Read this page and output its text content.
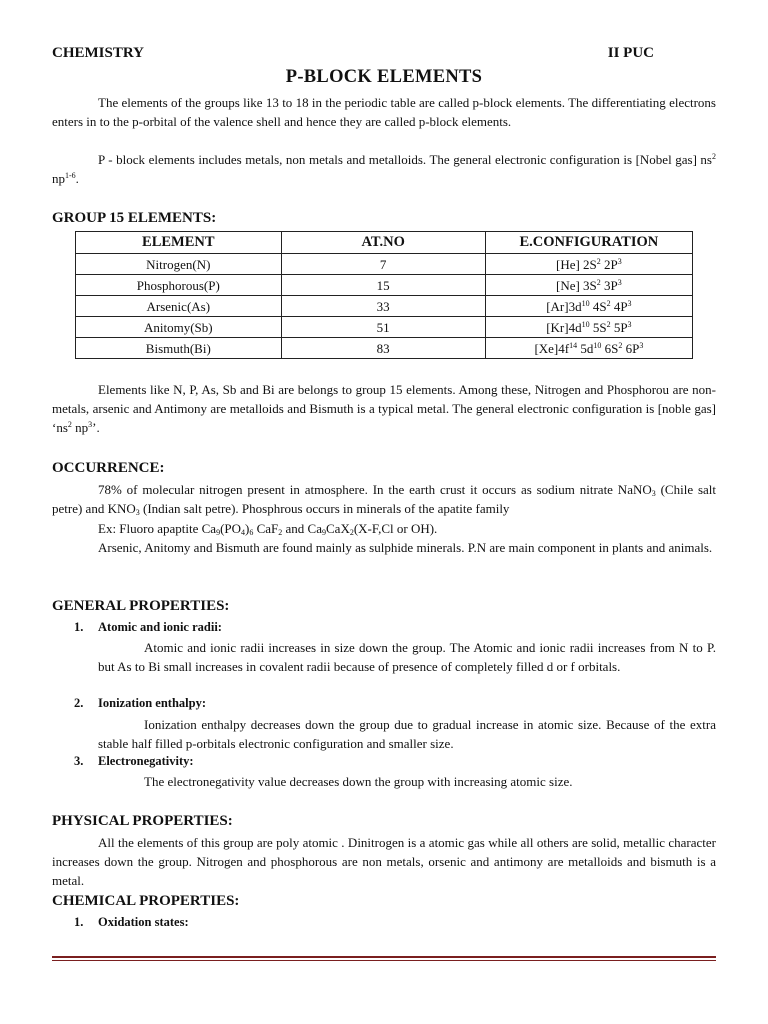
CHEMISTRY	II PUC
P-BLOCK ELEMENTS
The elements of the groups like 13 to 18 in the periodic table are called p-block elements. The differentiating electrons enters in to the p-orbital of the valence shell and hence they are called p-block elements.
P - block elements includes metals, non metals and metalloids. The general electronic configuration is [Nobel gas] $ns^2$ $np^{1-6}$.
GROUP 15 ELEMENTS:
ELEMENT	AT.NO	E.CONFIGURATION
Nitrogen(N)	7	[He] $2S^2$ $2P^3$
Phosphorous(P)	15	[Ne] $3S^2$ $3P^3$
Arsenic(As)	33	$[Ar]3d^{10}$ $4S^2$ $4P^3$
Anitomy(Sb)	51	$[Kr]4d^{10}$ $5S^2$ $5P^3$
Bismuth(Bi)	83	$[Xe]4f^{14}$ $5d^{10}$ $6S^2$ $6P^3$
Elements like N, P, As, Sb and Bi are belongs to group 15 elements. Among these, Nitrogen and Phosphorou are non-metals, arsenic and Antimony are metalloids and Bismuth is a typical metal. The general electronic configuration is [noble gas] ‘$ns^2$ $np^3$’.
OCCURRENCE:
78% of molecular nitrogen present in atmosphere. In the earth crust it occurs as sodium nitrate NaNO$_3$ (Chile salt petre) and $KNO_3$ (Indian salt petre). Phosphrous occurs in minerals of the apatite family
Ex: Fluoro apaptite $Ca_9(PO_4)_6$ CaF$_2$ and $Ca_9CaX_2(X-F,Cl$ or OH).
Arsenic, Anitomy and Bismuth are found mainly as sulphide minerals. P.N are main component in plants and animals.
GENERAL PROPERTIES:
1. Atomic and ionic radii:
Atomic and ionic radii increases in size down the group. The Atomic and ionic radii increases from N to P. but As to Bi small increases in covalent radii because of presence of completely filled d or f orbitals.
2. Ionization enthalpy:
Ionization enthalpy decreases down the group due to gradual increase in atomic size. Because of the extra stable half filled p-orbitals electronic configuration and smaller size.
3. Electronegativity:
The electronegativity value decreases down the group with increasing atomic size.
PHYSICAL PROPERTIES:
All the elements of this group are poly atomic . Dinitrogen is a atomic gas while all others are solid, metallic character increases down the group. Nitrogen and phosphorous are non metals, orsenic and antimony are metalloids and bismuth is a metal.
CHEMICAL PROPERTIES:
1. Oxidation states:
